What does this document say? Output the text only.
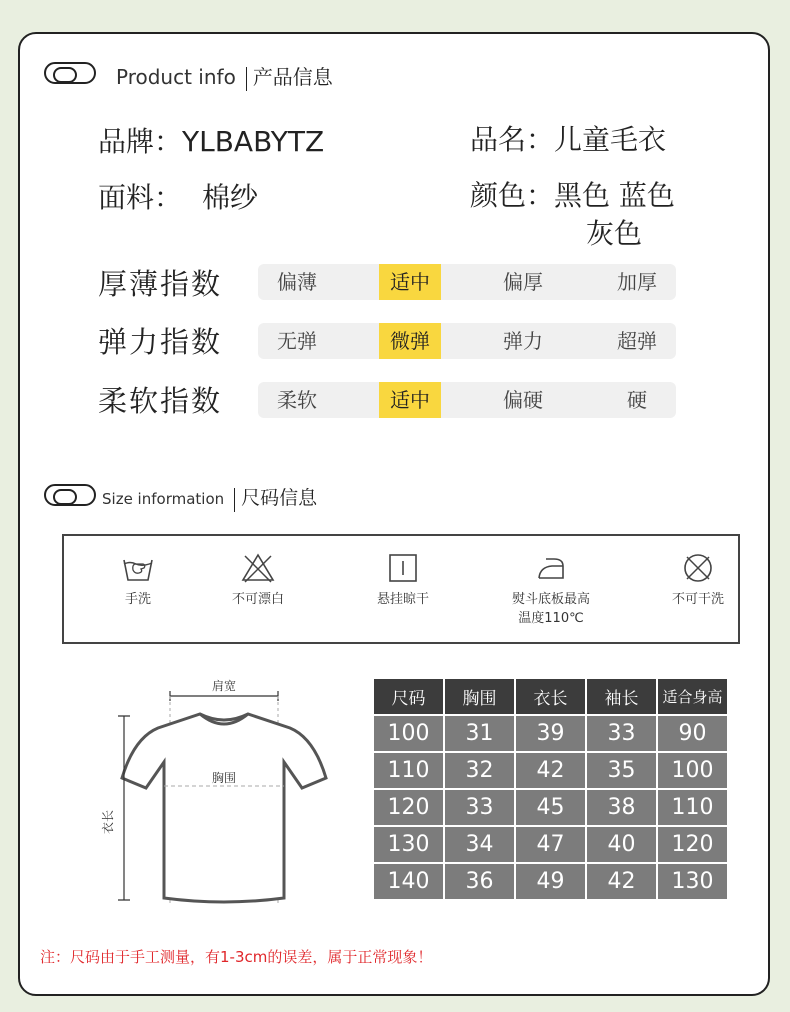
Product info 产品信息
品牌：YLBABYTZ	品名：儿童毛衣
面料： 棉纱	颜色：黑色 蓝色
灰色
厚薄指数	偏薄	适中	偏厚	加厚
弹力指数	无弹	微弹	弹力	超弹
柔软指数	柔软	适中	偏硬	硬
Size information 尺码信息
手洗	不可漂白	悬挂晾干	熨斗底板最高
温度110℃
不可干洗
肩宽
胸围
衣长
尺码	胸围	衣长	袖长	适合身高
100	31	39	33	90
110	32	42	35	100
120	33	45	38	110
130	34	47	40	120
140	36	49	42	130
注：尺码由于手工测量，有1-3cm的误差，属于正常现象！
